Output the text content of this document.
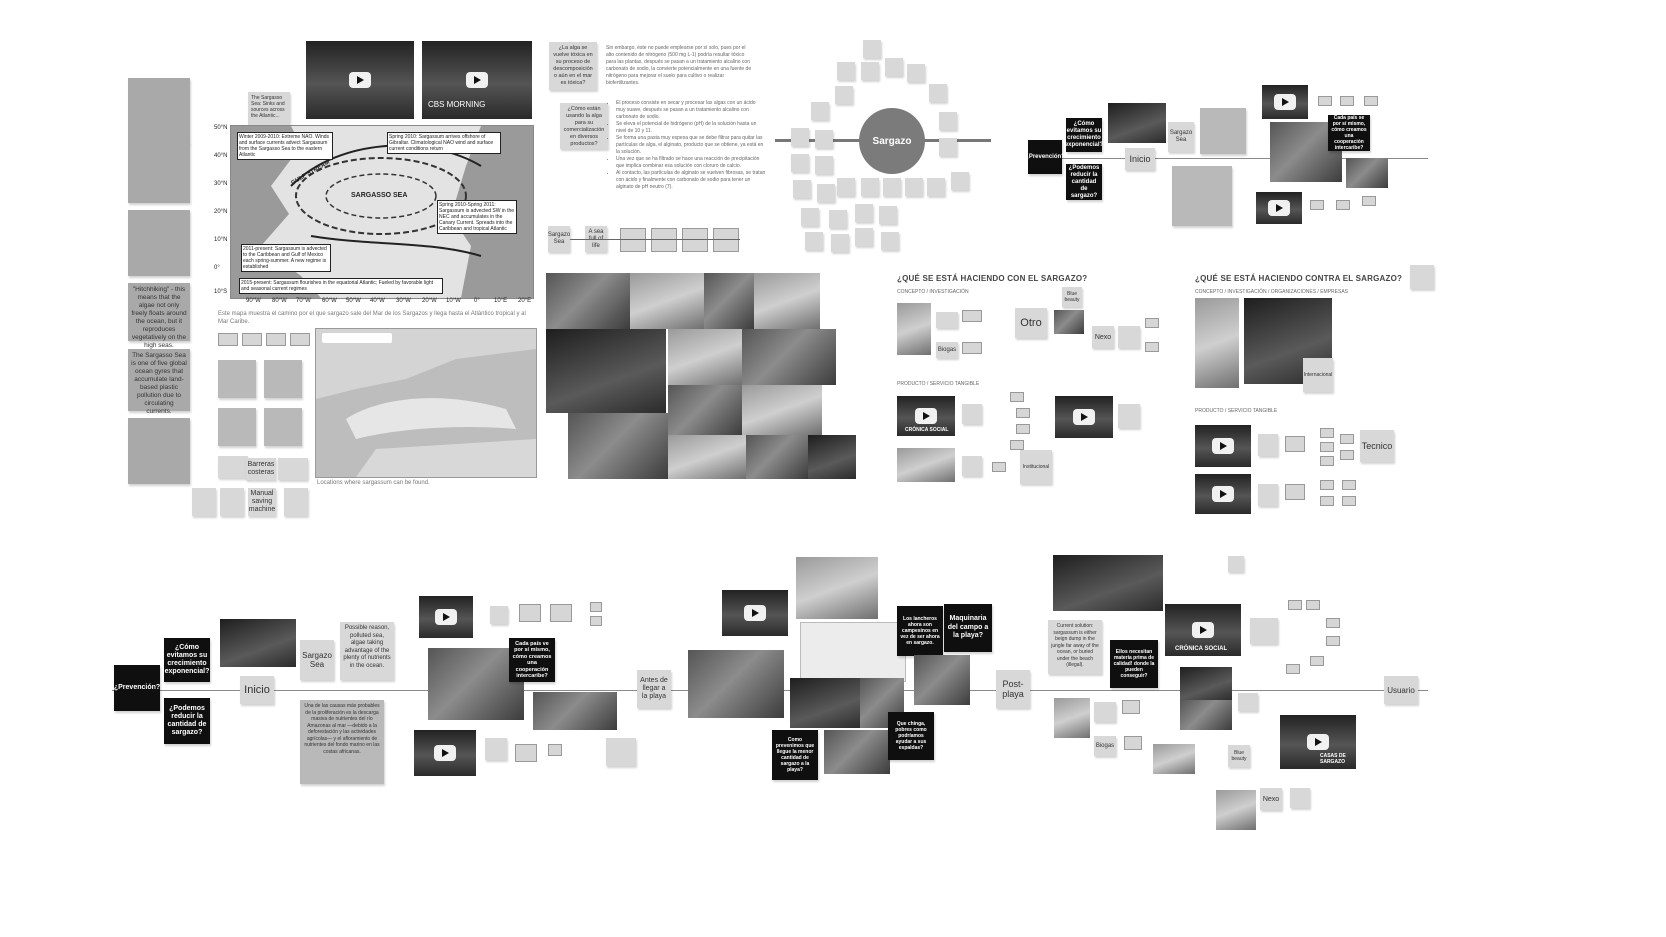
"Hitchhiking" - this means that the algae not only freely floats around the ocean, but it reproduces vegetatively on the high seas.
The Sargasso Sea is one of five global ocean gyres that accumulate land-based plastic pollution due to circulating currents.
CBS MORNING
The Sargasso Sea: Sinks and sources across the Atlantic...
Winter 2009-2010: Extreme NAO. Winds and surface currents advect Sargassum from the Sargasso Sea to the eastern Atlantic
Spring 2010: Sargassum arrives offshore of Gibraltar. Climatological NAO wind and surface current conditions return
Spring 2010-Spring 2011: Sargassum is advected SW in the NEC and accumulates in the Canary Current. Spreads into the Caribbean and tropical Atlantic
2011-present: Sargassum is advected to the Caribbean and Gulf of Mexico each spring-summer. A new regime is established
2015-present: Sargassum flourishes in the equatorial Atlantic; Fueled by favorable light and seasonal current regimes
SARGASSO SEA
GULF STREAM
50°N
40°N
30°N
20°N
10°N
0°
10°S
90°W 80°W 70°W 60°W 50°W 40°W 30°W 20°W 10°W 0° 10°E 20°E
Este mapa muestra el camino por el que sargazo sale del Mar de los Sargazos y llega hasta el Atlántico tropical y al Mar Caribe.
Barreras costeras
Manual saving machine
Locations where sargassum can be found.
¿La alga se vuelve tóxica en su proceso de descomposición o aún en el mar es tóxica?
¿Cómo están usando la alga para su comercialización en diversos productos?
Sin embargo, éste no puede emplearse por sí solo, pues por el alto contenido de nitrógeno (500 mg L-1) podría resultar tóxico para las plantas, después se pasan a un tratamiento alcalino con carbonato de sodio, la convierte potencialmente en una fuente de nitrógeno para mejorar el suelo para cultivo o realizar biofertilizantes.
• El proceso consiste en secar y procesar las algas con un ácido muy suave, después se pasan a un tratamiento alcalino con carbonato de sodio.
• Se eleva el potencial de hidrógeno (pH) de la solución hasta un nivel de 10 y 11.
• Se forma una pasta muy espesa que se debe filtrar para quitar las partículas de alga, el alginato, producto que se obtiene, ya está en la solución.
• Una vez que se ha filtrado se hace una reacción de precipitación que implica combinar esa solución con cloruro de calcio.
• Al contacto, las partículas de alginato se vuelven fibrosas, se tratan con ácido y finalmente con carbonato de sodio para tener un alginato de pH neutro (7).
Sargazo Sea
A sea full of life
Sargazo
¿Prevención?
¿Cómo evitamos su crecimiento exponencial?
¿Podemos reducir la cantidad de sargazo?
Inicio
Sargazo Sea
Cada país se por sí mismo, cómo creamos una cooperación intercaribe?
¿QUÉ SE ESTÁ HACIENDO CON EL SARGAZO?
CONCEPTO / INVESTIGACIÓN
Biogas
Otro
Blue beauty
Nexo
PRODUCTO / SERVICIO TANGIBLE
CRÓNICA SOCIAL
Institucional
¿QUÉ SE ESTÁ HACIENDO CONTRA EL SARGAZO?
CONCEPTO / INVESTIGACIÓN / ORGANIZACIONES / EMPRESAS
Internacional
PRODUCTO / SERVICIO TANGIBLE
Tecnico
¿Prevención?
¿Cómo evitamos su crecimiento exponencial?
¿Podemos reducir la cantidad de sargazo?
Inicio
Sargazo Sea
Possible reason, polluted sea, algae taking advantage of the plenty of nutrients in the ocean.
Una de las causas más probables de la proliferación es la descarga masiva de nutrientes del río Amazonas al mar —debido a la deforestación y las actividades agrícolas— y el afloramiento de nutrientes del fondo marino en las costas africanas.
Cada país ve por sí mismo, cómo creamos una cooperación intercaribe?
Antes de llegar a la playa
Los lancheros ahora son campesinos en vez de ser ahora en sargazo.
Maquinaria del campo a la playa?
Como prevenimos que llegue la menor cantidad de sargazo a la playa?
Que chinga, pobres como podríamos ayudar a sus espaldas?
Post-playa
Current solution: sargassum is either beign dump in the jungle far away of the ocean, or buried under the beach (illegal).
Ellos necesitan materia prima de calidad! donde la pueden conseguir?
CRÓNICA SOCIAL
Biogas
Blue beauty
Nexo
CASAS DE SARGAZO
Usuario
